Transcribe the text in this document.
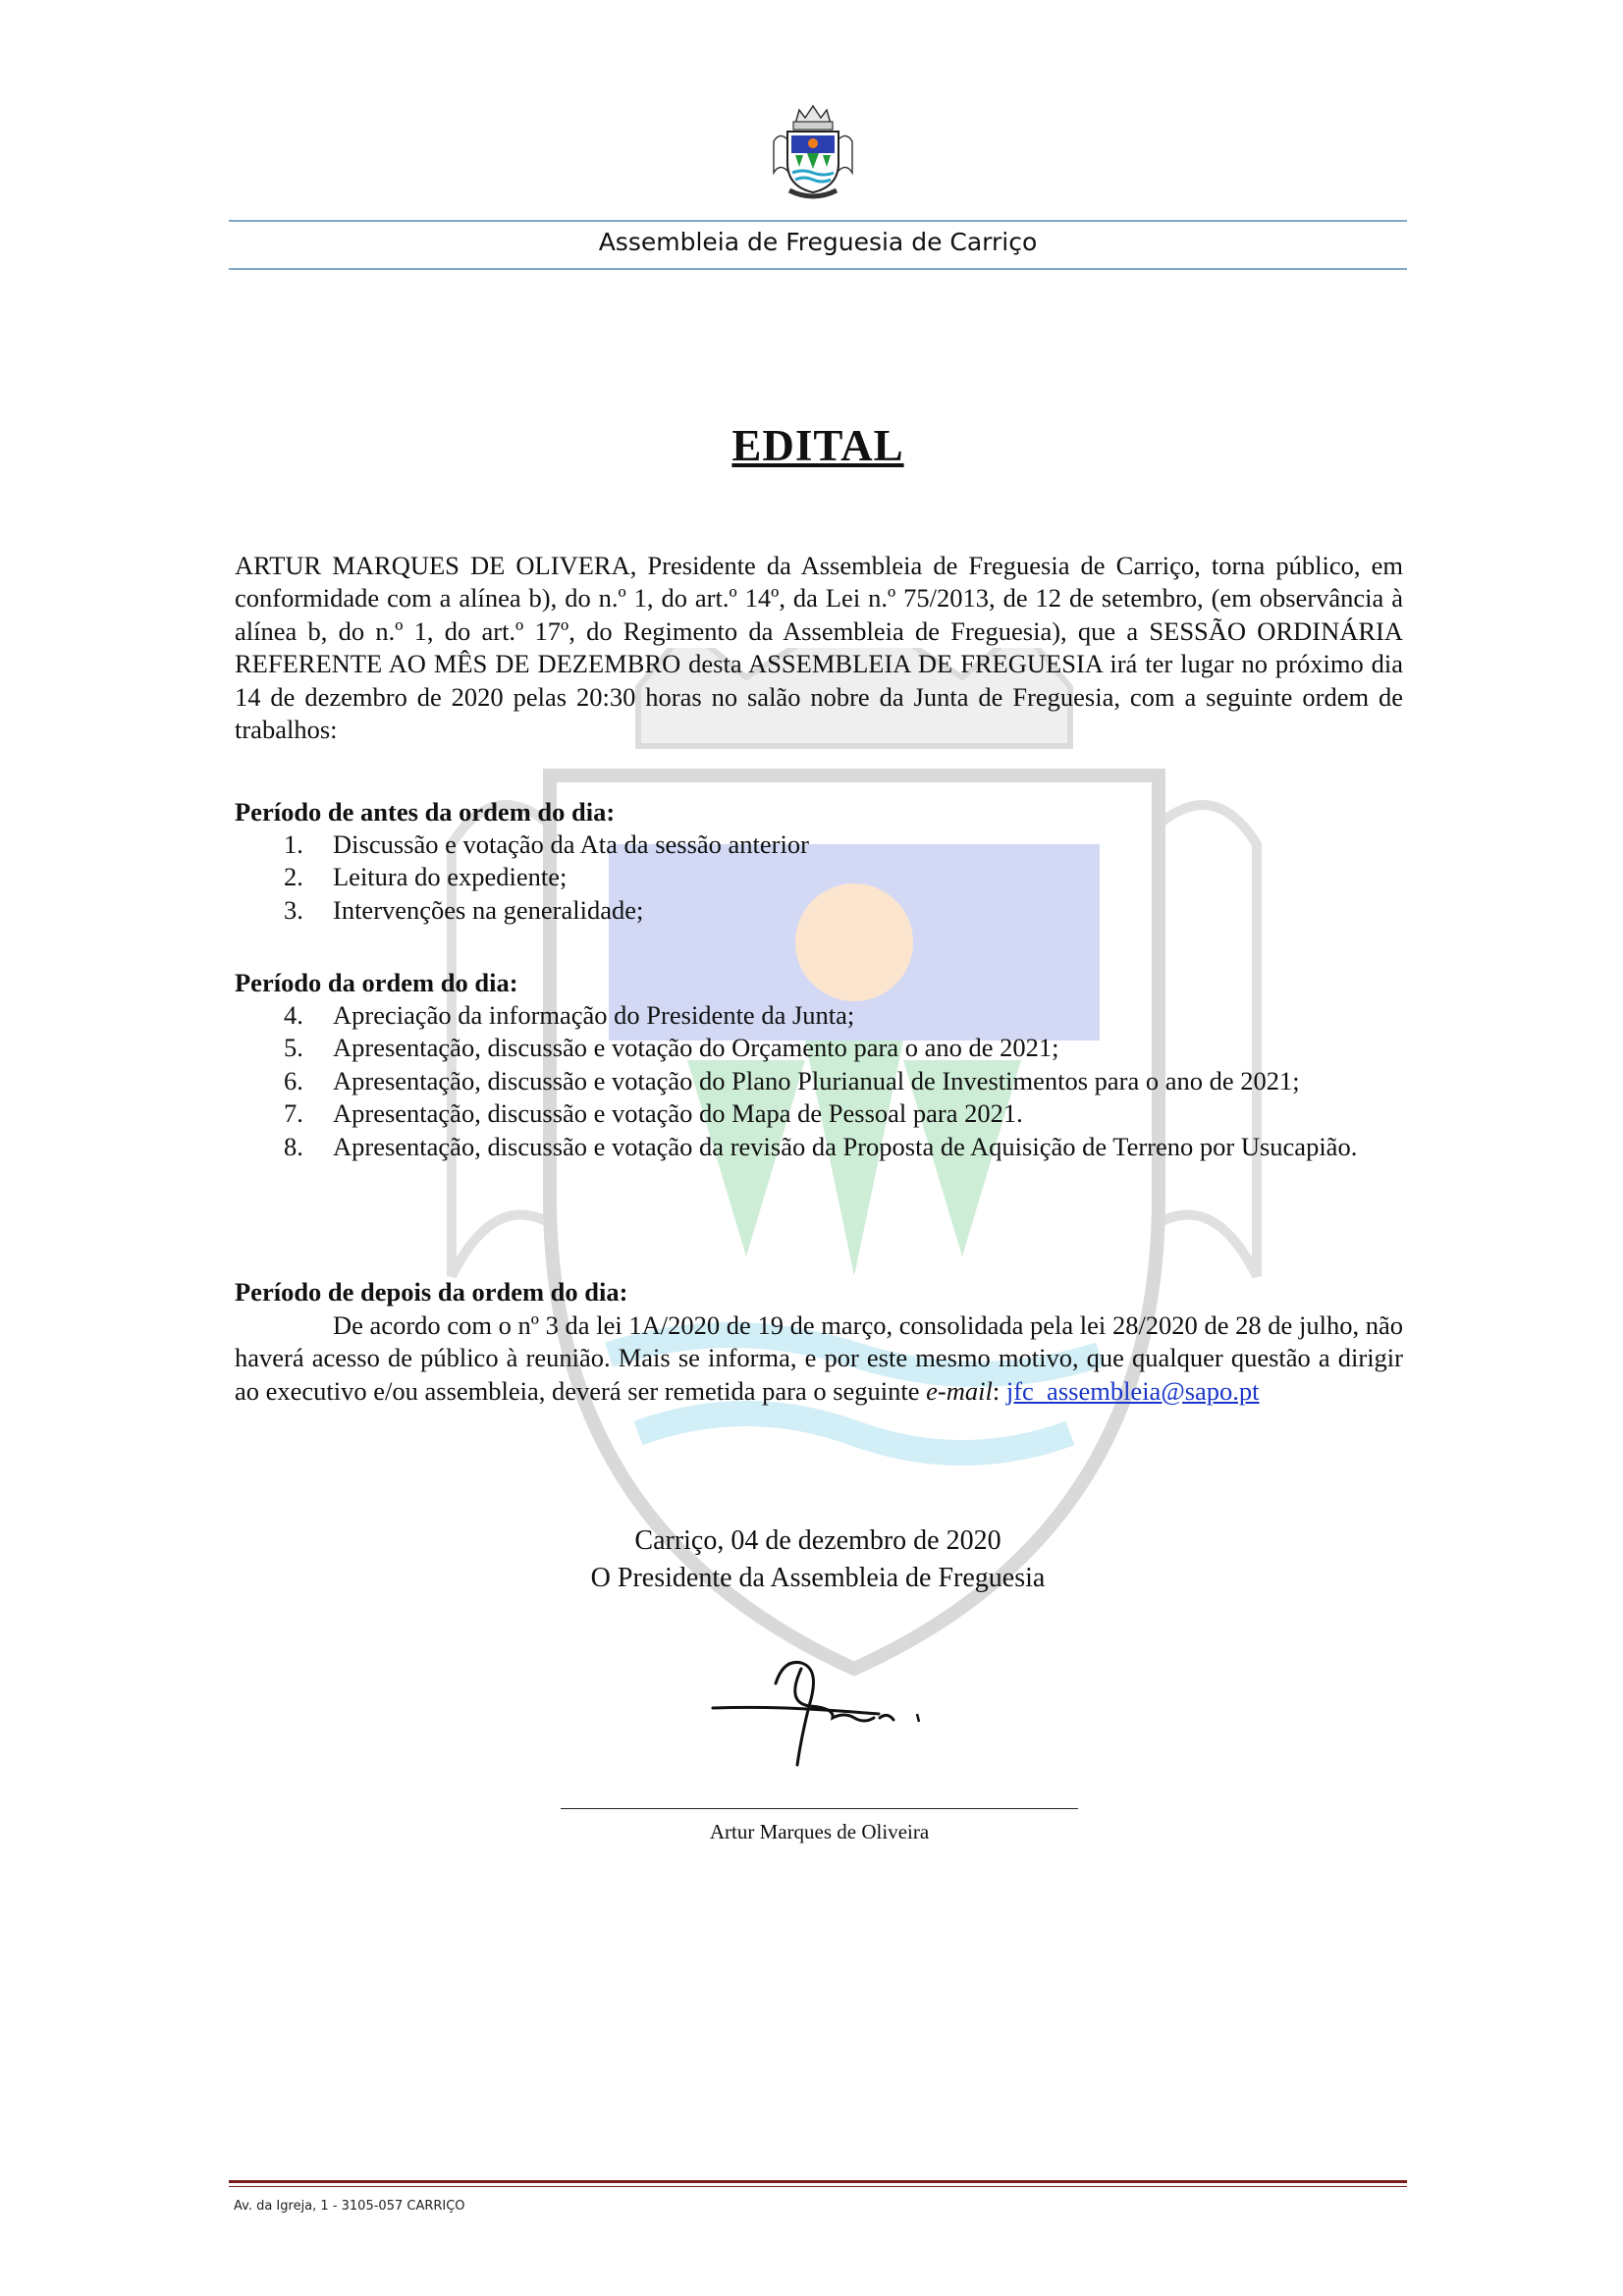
Assembleia de Freguesia de Carriço
EDITAL

ARTUR MARQUES DE OLIVERA, Presidente da Assembleia de Freguesia de Carriço, torna público, em conformidade com a alínea b), do n.º 1, do art.º 14º, da Lei n.º 75/2013, de 12 de setembro, (em observância à alínea b, do n.º 1, do art.º 17º, do Regimento da Assembleia de Freguesia), que a SESSÃO ORDINÁRIA REFERENTE AO MÊS DE DEZEMBRO desta ASSEMBLEIA DE FREGUESIA irá ter lugar no próximo dia 14 de dezembro de 2020 pelas 20:30 horas no salão nobre da Junta de Freguesia, com a seguinte ordem de trabalhos:

Período de antes da ordem do dia:

1.	Discussão e votação da Ata da sessão anterior
2.	Leitura do expediente;
3.	Intervenções na generalidade;

Período da ordem do dia:

4.	Apreciação da informação do Presidente da Junta;
5.	Apresentação, discussão e votação do Orçamento para o ano de 2021;
6.	Apresentação, discussão e votação do Plano Plurianual de Investimentos para o ano de 2021;
7.	Apresentação, discussão e votação do Mapa de Pessoal para 2021.
8.	Apresentação, discussão e votação da revisão da Proposta de Aquisição de Terreno por Usucapião.

Período de depois da ordem do dia:

De acordo com o nº 3 da lei 1A/2020 de 19 de março, consolidada pela lei 28/2020 de 28 de julho, não haverá acesso de público à reunião. Mais se informa, e por este mesmo motivo, que qualquer questão a dirigir ao executivo e/ou assembleia, deverá ser remetida para o seguinte e-mail: jfc_assembleia@sapo.pt

Carriço, 04 de dezembro de 2020
O Presidente da Assembleia de Freguesia
Artur Marques de Oliveira
Av. da Igreja, 1 - 3105-057 CARRIÇO
